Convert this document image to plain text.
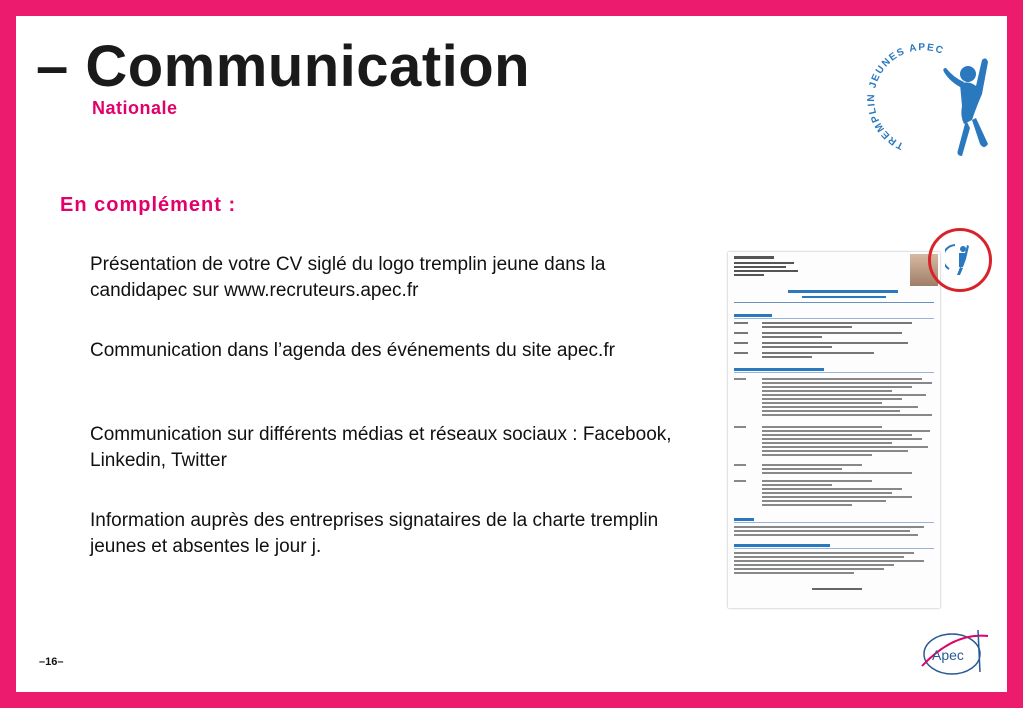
– Communication
Nationale
En complément :
Présentation de votre CV siglé du logo tremplin jeune dans la candidapec sur www.recruteurs.apec.fr
Communication dans l’agenda des événements du site apec.fr
Communication sur différents médias et réseaux sociaux : Facebook, Linkedin, Twitter
Information auprès des entreprises signataires de la charte tremplin jeunes et absentes le jour j.
–16–
TREMPLIN JEUNES APEC
Apec
